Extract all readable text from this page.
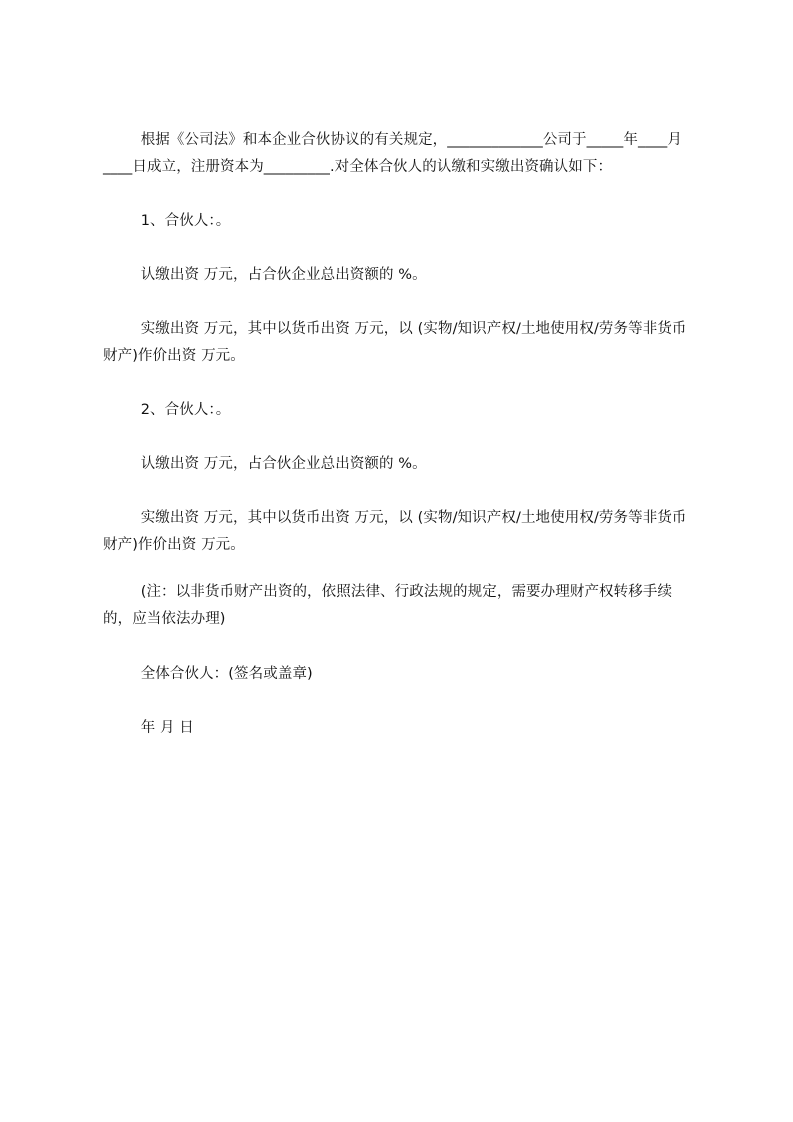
根据《公司法》和本企业合伙协议的有关规定，_____________公司于_____年____月____日成立，注册资本为_________.对全体合伙人的认缴和实缴出资确认如下：
1、合伙人：。
认缴出资 万元，占合伙企业总出资额的 %。
实缴出资 万元，其中以货币出资 万元，以 (实物/知识产权/土地使用权/劳务等非货币财产)作价出资 万元。
2、合伙人：。
认缴出资 万元，占合伙企业总出资额的 %。
实缴出资 万元，其中以货币出资 万元，以 (实物/知识产权/土地使用权/劳务等非货币财产)作价出资 万元。
(注：以非货币财产出资的，依照法律、行政法规的规定，需要办理财产权转移手续的，应当依法办理)
全体合伙人：(签名或盖章)
年 月 日
